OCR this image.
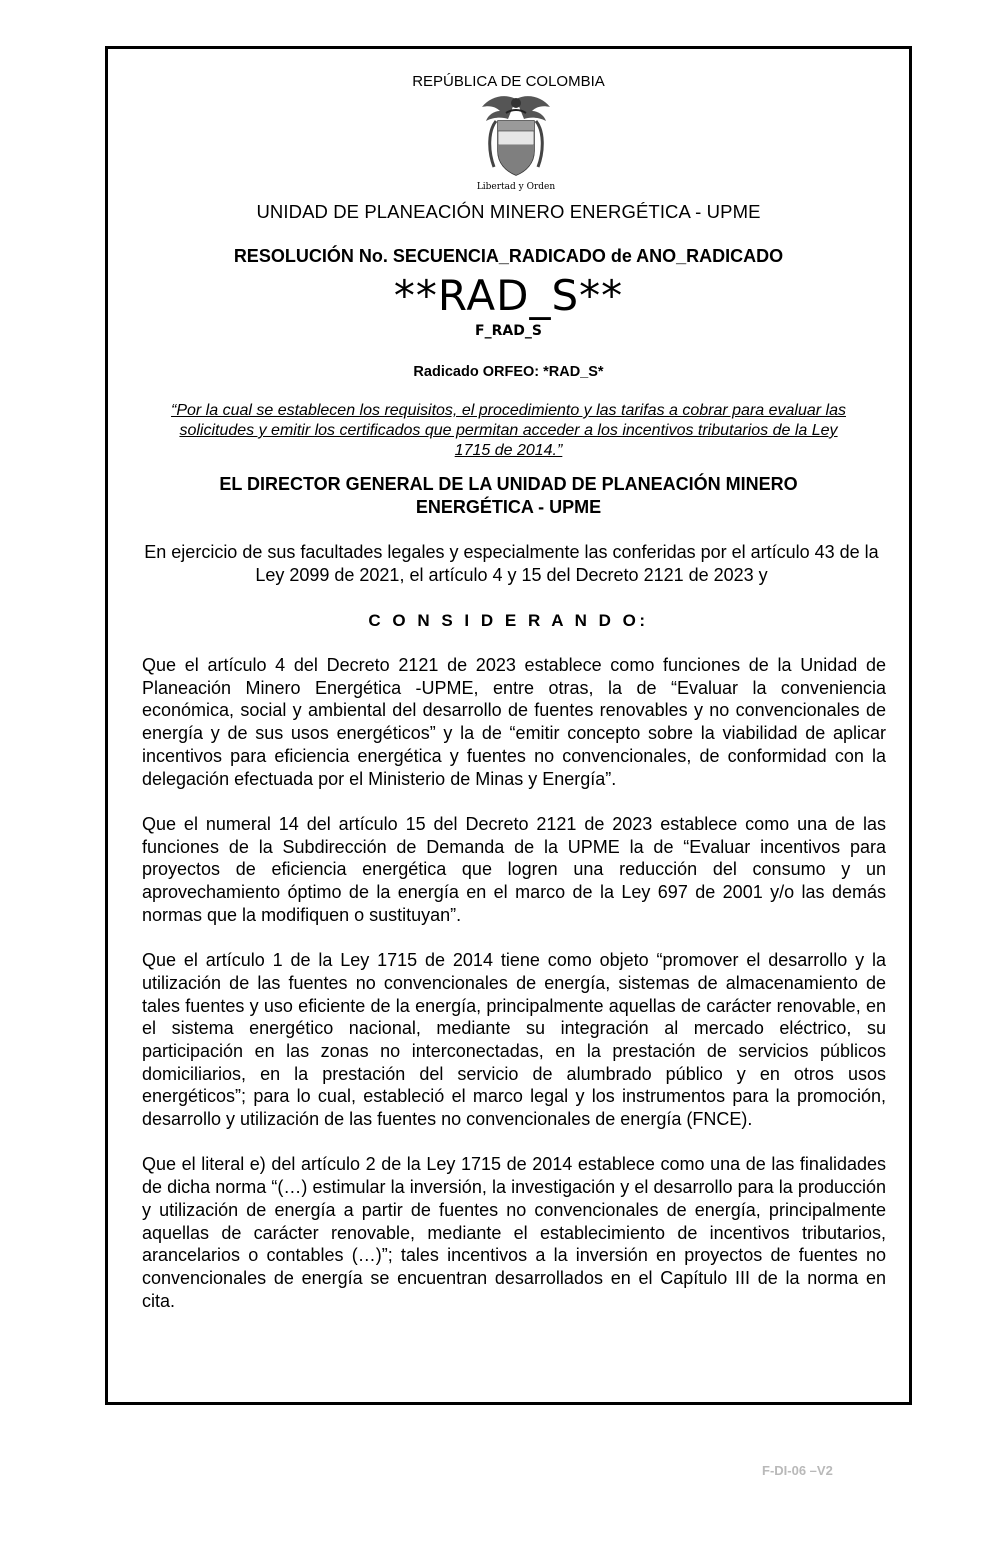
REPÚBLICA DE COLOMBIA
Libertad y Orden
UNIDAD DE PLANEACIÓN MINERO ENERGÉTICA - UPME
RESOLUCIÓN No. SECUENCIA_RADICADO de ANO_RADICADO
**RAD_S**
F_RAD_S
Radicado ORFEO: *RAD_S*
“Por la cual se establecen los requisitos, el procedimiento y las tarifas a cobrar para evaluar las solicitudes y emitir los certificados que permitan acceder a los incentivos tributarios de la Ley 1715 de 2014.”
EL DIRECTOR GENERAL DE LA UNIDAD DE PLANEACIÓN MINERO ENERGÉTICA - UPME
En ejercicio de sus facultades legales y especialmente las conferidas por el artículo 43 de la Ley 2099 de 2021, el artículo 4 y 15 del Decreto 2121 de 2023 y
C O N S I D E R A N D O:

Que el artículo 4 del Decreto 2121 de 2023 establece como funciones de la Unidad de Planeación Minero Energética -UPME, entre otras, la de “Evaluar la conveniencia económica, social y ambiental del desarrollo de fuentes renovables y no convencionales de energía y de sus usos energéticos” y la de “emitir concepto sobre la viabilidad de aplicar incentivos para eficiencia energética y fuentes no convencionales, de conformidad con la delegación efectuada por el Ministerio de Minas y Energía”.

Que el numeral 14 del artículo 15 del Decreto 2121 de 2023 establece como una de las funciones de la Subdirección de Demanda de la UPME la de “Evaluar incentivos para proyectos de eficiencia energética que logren una reducción del consumo y un aprovechamiento óptimo de la energía en el marco de la Ley 697 de 2001 y/o las demás normas que la modifiquen o sustituyan”.

Que el artículo 1 de la Ley 1715 de 2014 tiene como objeto “promover el desarrollo y la utilización de las fuentes no convencionales de energía, sistemas de almacenamiento de tales fuentes y uso eficiente de la energía, principalmente aquellas de carácter renovable, en el sistema energético nacional, mediante su integración al mercado eléctrico, su participación en las zonas no interconectadas, en la prestación de servicios públicos domiciliarios, en la prestación del servicio de alumbrado público y en otros usos energéticos”; para lo cual, estableció el marco legal y los instrumentos para la promoción, desarrollo y utilización de las fuentes no convencionales de energía (FNCE).

Que el literal e) del artículo 2 de la Ley 1715 de 2014 establece como una de las finalidades de dicha norma “(…) estimular la inversión, la investigación y el desarrollo para la producción y utilización de energía a partir de fuentes no convencionales de energía, principalmente aquellas de carácter renovable, mediante el establecimiento de incentivos tributarios, arancelarios o contables (…)”; tales incentivos a la inversión en proyectos de fuentes no convencionales de energía se encuentran desarrollados en el Capítulo III de la norma en cita.

F-DI-06 –V2
